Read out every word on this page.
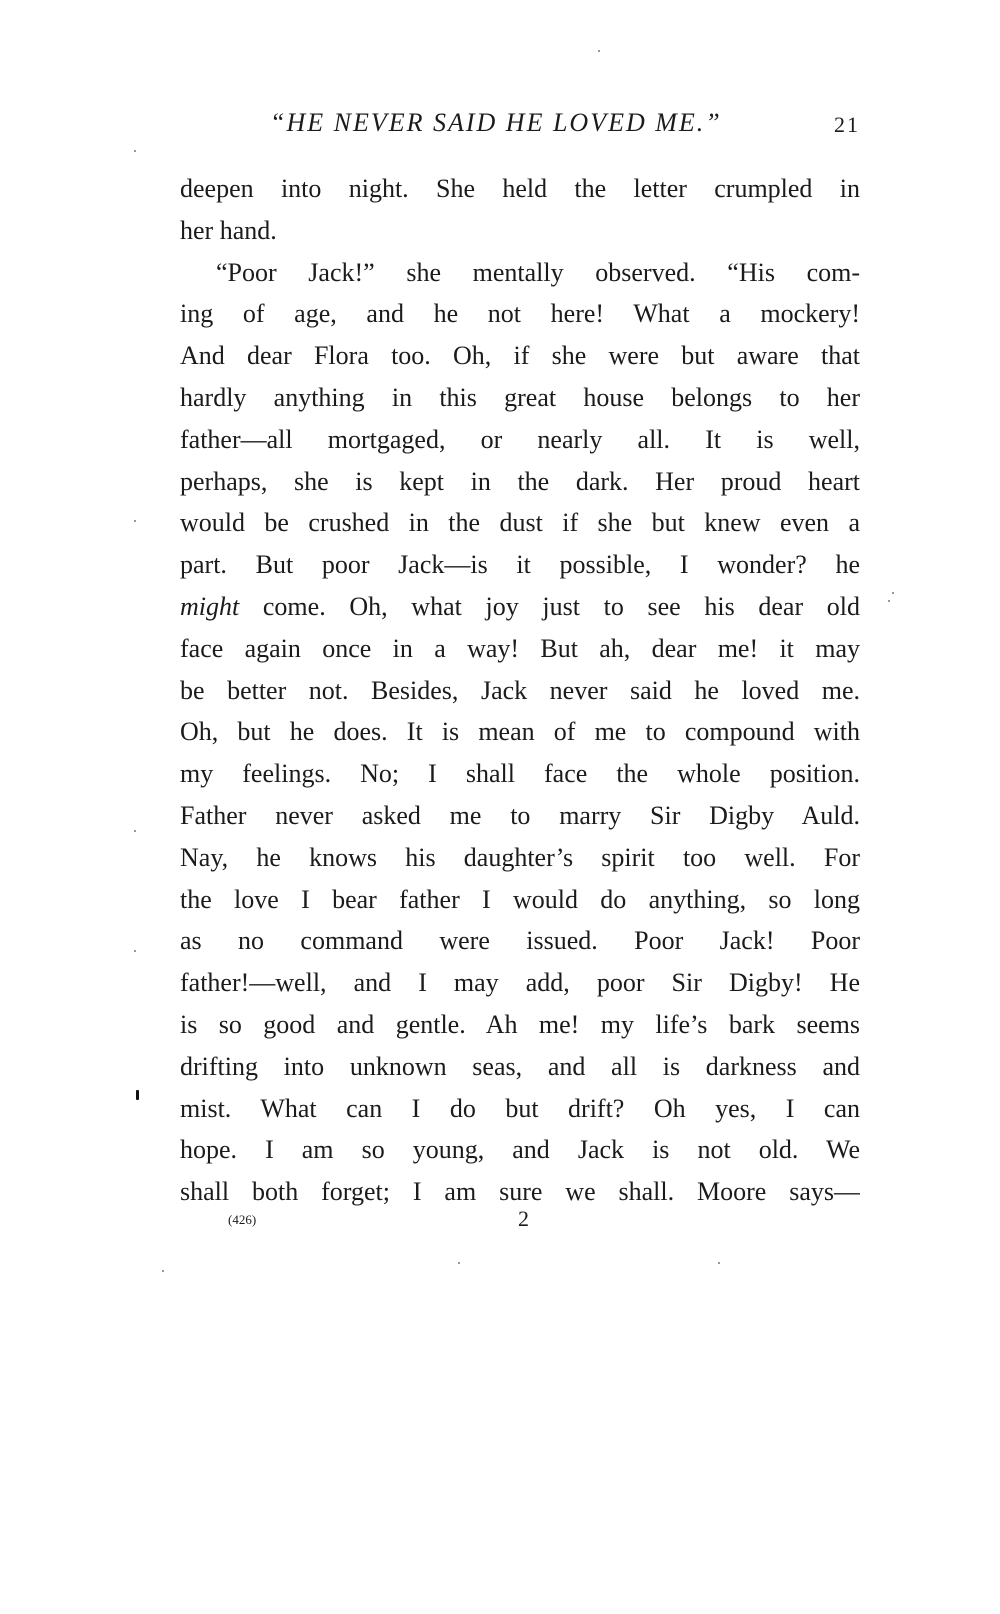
“HE NEVER SAID HE LOVED ME.”	21
deepen into night. She held the letter crumpled in
her hand.
“Poor Jack!” she mentally observed. “His com-
ing of age, and he not here! What a mockery!
And dear Flora too. Oh, if she were but aware that
hardly anything in this great house belongs to her
father—all mortgaged, or nearly all. It is well,
perhaps, she is kept in the dark. Her proud heart
would be crushed in the dust if she but knew even a
part. But poor Jack—is it possible, I wonder? he
might come. Oh, what joy just to see his dear old
face again once in a way! But ah, dear me! it may
be better not. Besides, Jack never said he loved me.
Oh, but he does. It is mean of me to compound with
my feelings. No; I shall face the whole position.
Father never asked me to marry Sir Digby Auld.
Nay, he knows his daughter’s spirit too well. For
the love I bear father I would do anything, so long
as no command were issued. Poor Jack! Poor
father!—well, and I may add, poor Sir Digby! He
is so good and gentle. Ah me! my life’s bark seems
drifting into unknown seas, and all is darkness and
mist. What can I do but drift? Oh yes, I can
hope. I am so young, and Jack is not old. We
shall both forget; I am sure we shall. Moore says—
(426)	2
